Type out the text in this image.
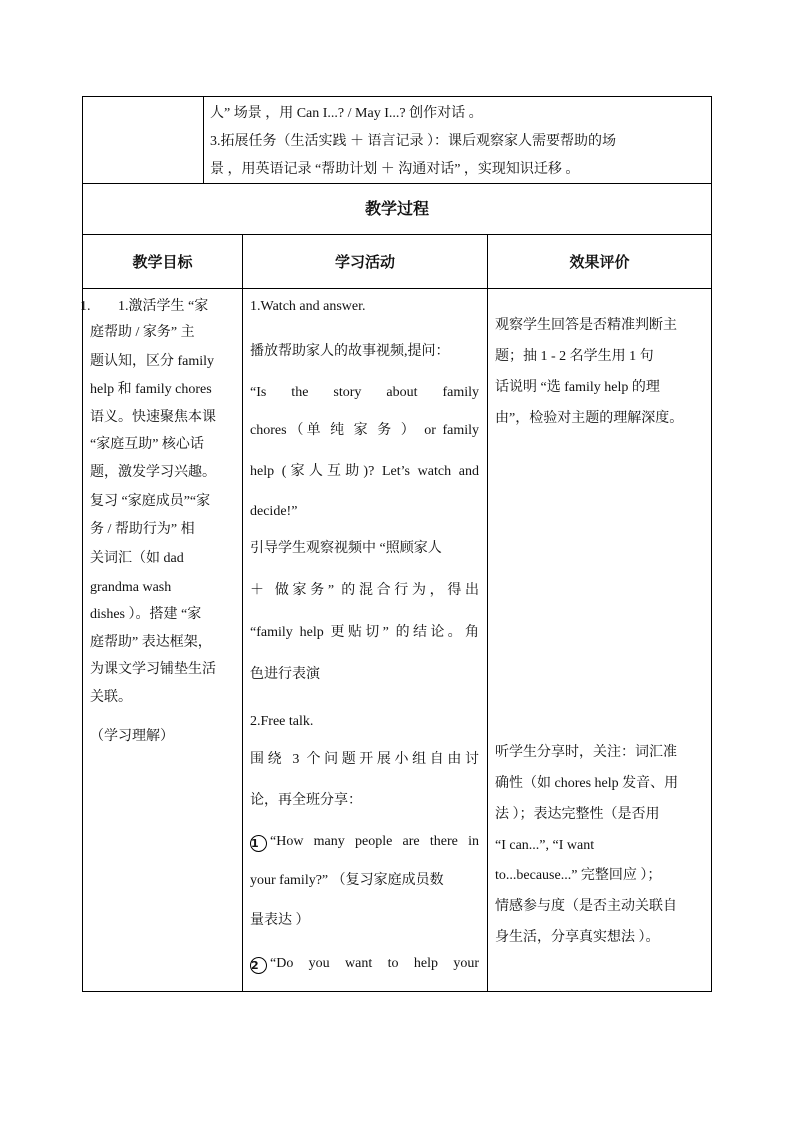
人” 场景 ，用 Can I...? / May I...? 创作对话 。
3.拓展任务（生活实践 ＋ 语言记录 ）：课后观察家人需要帮助的场
景 ，用英语记录 “帮助计划 ＋ 沟通对话” ，实现知识迁移 。
教学过程
教学目标	学习活动	效果评价
1. 1.激活学生 “家
庭帮助 / 家务” 主
题认知，区分 family
help 和 family chores
语义。快速聚焦本课
“家庭互助” 核心话
题，激发学习兴趣。
复习 “家庭成员”“家
务 / 帮助行为” 相
关词汇（如 dad
grandma wash
dishes ）。搭建 “家
庭帮助” 表达框架，
为课文学习铺垫生活
关联。
（学习理解）
1.Watch and answer.
播放帮助家人的故事视频,提问：
“Is the story about family
chores（单 纯 家 务 ） or family
help (家人互助)? Let’s watch and
decide!”
引导学生观察视频中 “照顾家人
＋ 做家务” 的混合行为，得出
“family help 更贴切” 的结论。角
色进行表演
2.Free talk.
围绕 3 个问题开展小组自由讨
论，再全班分享：
1 “How many people are there in
your family?” （复习家庭成员数
量表达 ）
2 “Do you want to help your
观察学生回答是否精准判断主
题；抽 1 - 2 名学生用 1 句
话说明 “选 family help 的理
由”，检验对主题的理解深度。
听学生分享时，关注：词汇准
确性（如 chores help 发音、用
法 ）；表达完整性（是否用
“I can...”, “I want
to...because...” 完整回应 ）；
情感参与度（是否主动关联自
身生活，分享真实想法 ）。
